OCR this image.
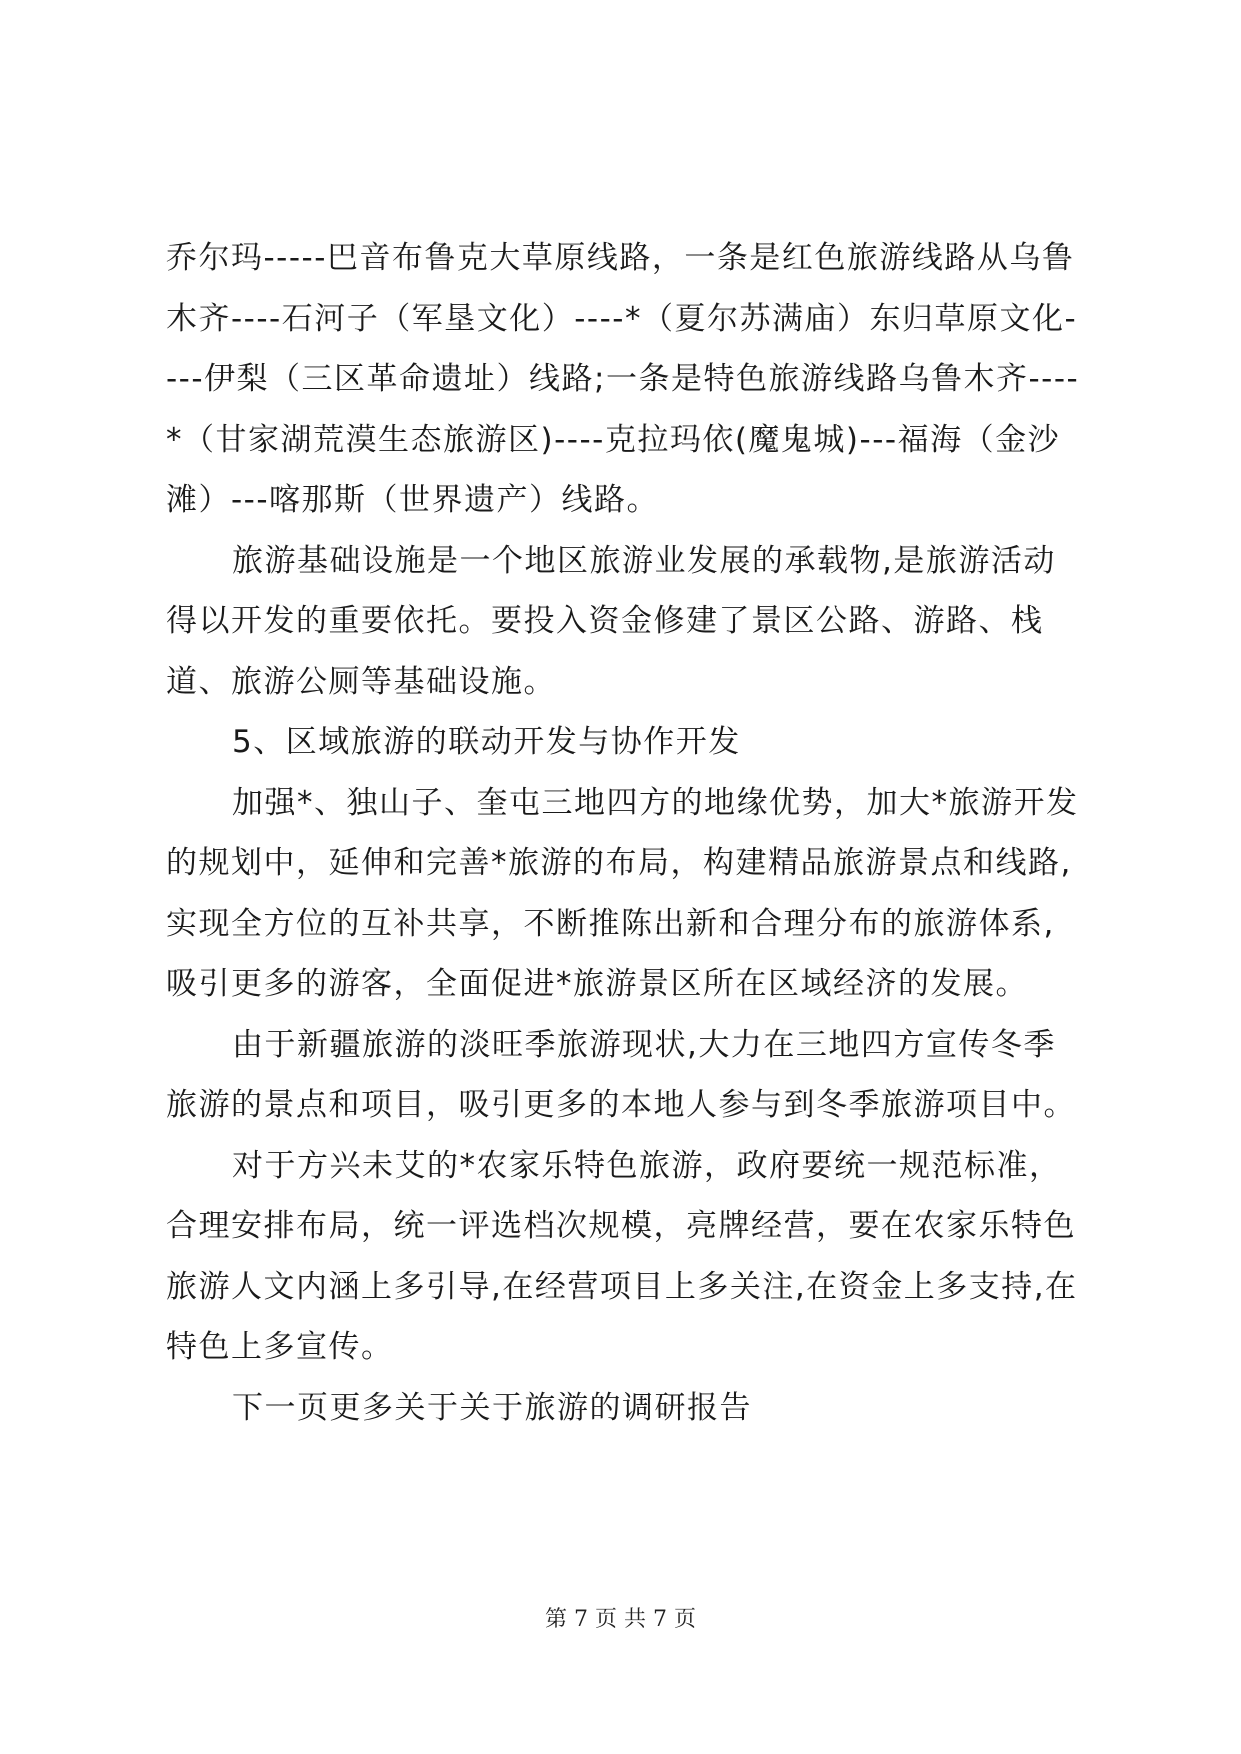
乔尔玛-----巴音布鲁克大草原线路，一条是红色旅游线路从乌鲁木齐----石河子（军垦文化）----*（夏尔苏满庙）东归草原文化----伊梨（三区革命遗址）线路;一条是特色旅游线路乌鲁木齐----*（甘家湖荒漠生态旅游区)----克拉玛依(魔鬼城)---福海（金沙滩）---喀那斯（世界遗产）线路。

旅游基础设施是一个地区旅游业发展的承载物,是旅游活动得以开发的重要依托。要投入资金修建了景区公路、游路、栈道、旅游公厕等基础设施。

5、区域旅游的联动开发与协作开发

加强*、独山子、奎屯三地四方的地缘优势，加大*旅游开发的规划中，延伸和完善*旅游的布局，构建精品旅游景点和线路,实现全方位的互补共享，不断推陈出新和合理分布的旅游体系,吸引更多的游客，全面促进*旅游景区所在区域经济的发展。

由于新疆旅游的淡旺季旅游现状,大力在三地四方宣传冬季旅游的景点和项目，吸引更多的本地人参与到冬季旅游项目中。

对于方兴未艾的*农家乐特色旅游，政府要统一规范标准，合理安排布局，统一评选档次规模，亮牌经营，要在农家乐特色旅游人文内涵上多引导,在经营项目上多关注,在资金上多支持,在特色上多宣传。

下一页更多关于关于旅游的调研报告

第 7 页 共 7 页
